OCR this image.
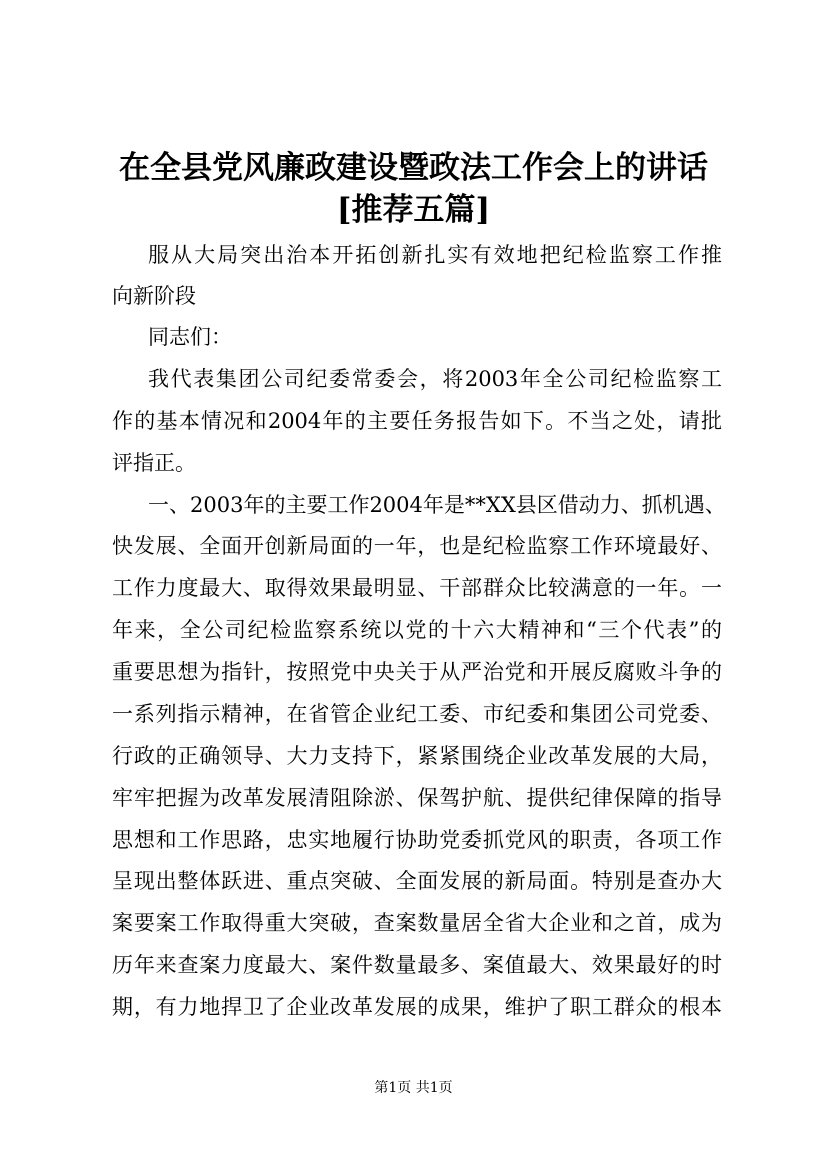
在全县党风廉政建设暨政法工作会上的讲话
[推荐五篇]
服从大局突出治本开拓创新扎实有效地把纪检监察工作推
向新阶段
同志们：
我代表集团公司纪委常委会，将2003年全公司纪检监察工
作的基本情况和2004年的主要任务报告如下。不当之处，请批
评指正。
一、2003年的主要工作2004年是**XX县区借动力、抓机遇、
快发展、全面开创新局面的一年，也是纪检监察工作环境最好、
工作力度最大、取得效果最明显、干部群众比较满意的一年。一
年来，全公司纪检监察系统以党的十六大精神和“三个代表”的
重要思想为指针，按照党中央关于从严治党和开展反腐败斗争的
一系列指示精神，在省管企业纪工委、市纪委和集团公司党委、
行政的正确领导、大力支持下，紧紧围绕企业改革发展的大局，
牢牢把握为改革发展清阻除淤、保驾护航、提供纪律保障的指导
思想和工作思路，忠实地履行协助党委抓党风的职责，各项工作
呈现出整体跃进、重点突破、全面发展的新局面。特别是查办大
案要案工作取得重大突破，查案数量居全省大企业和之首，成为
历年来查案力度最大、案件数量最多、案值最大、效果最好的时
期，有力地捍卫了企业改革发展的成果，维护了职工群众的根本
第1页 共1页
